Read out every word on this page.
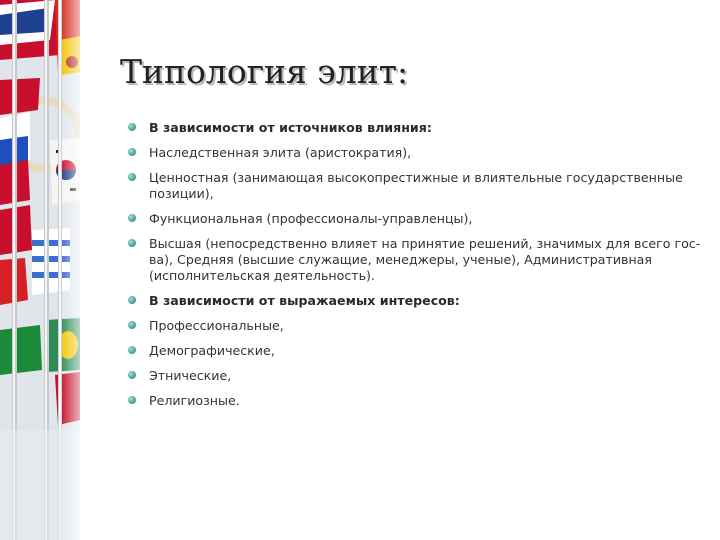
Типология элит:
В зависимости от источников влияния:
Наследственная элита (аристократия),
Ценностная (занимающая высокопрестижные и влиятельные государственные позиции),
Функциональная (профессионалы-управленцы),
Высшая (непосредственно влияет на принятие решений, значимых для всего гос-ва), Средняя (высшие служащие, менеджеры, ученые), Административная (исполнительская деятельность).
В зависимости от выражаемых интересов:
Профессиональные,
Демографические,
Этнические,
Религиозные.
